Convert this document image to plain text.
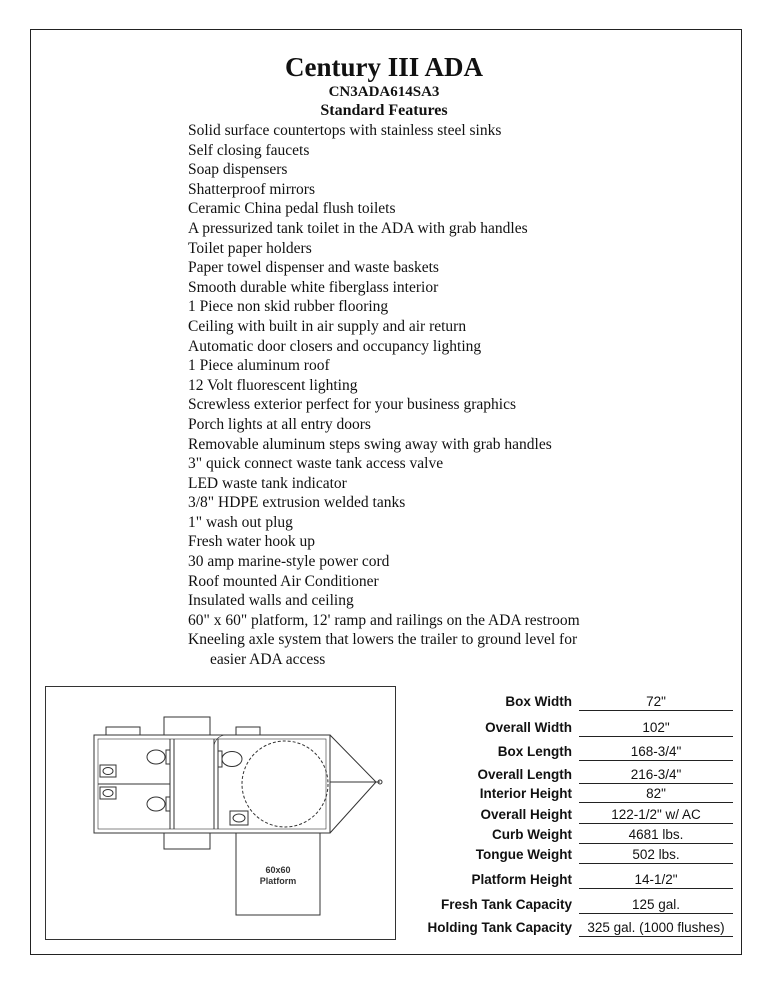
Century III ADA
CN3ADA614SA3
Standard Features
Solid surface countertops with stainless steel sinks
Self closing faucets
Soap dispensers
Shatterproof mirrors
Ceramic China pedal flush toilets
A pressurized tank toilet in the ADA with grab handles
Toilet paper holders
Paper towel dispenser and waste baskets
Smooth durable white fiberglass interior
1 Piece non skid rubber flooring
Ceiling with built in air supply and air return
Automatic door closers and occupancy lighting
1 Piece aluminum roof
12 Volt fluorescent lighting
Screwless exterior perfect for your business graphics
Porch lights at all entry doors
Removable aluminum steps swing away with grab handles
3" quick connect waste tank access valve
LED waste tank indicator
3/8" HDPE extrusion welded tanks
1" wash out plug
Fresh water hook up
30 amp marine-style power cord
Roof mounted Air Conditioner
Insulated walls and ceiling
60" x 60" platform, 12' ramp and railings on the ADA restroom
Kneeling axle system that lowers the trailer to ground level for
easier ADA access
60x60
Platform
Box Width	72"
Overall Width	102"
Box Length	168-3/4"
Overall Length	216-3/4"
Interior Height	82"
Overall Height	122-1/2" w/ AC
Curb Weight	4681 lbs.
Tongue Weight	502 lbs.
Platform Height	14-1/2"
Fresh Tank Capacity	125 gal.
Holding Tank Capacity	325 gal. (1000 flushes)
